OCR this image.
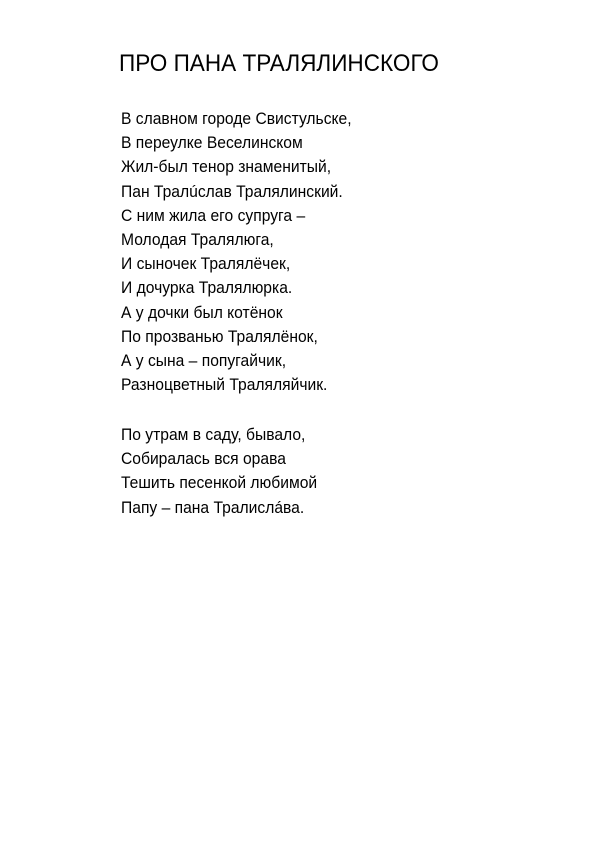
ПРО ПАНА ТРАЛЯЛИНСКОГО
В славном городе Свистульске,
В переулке Веселинском
Жил-был тенор знаменитый,
Пан Тралúслав Тралялинский.
С ним жила его супруга –
Молодая Тралялюга,
И сыночек Тралялёчек,
И дочурка Тралялюрка.
А у дочки был котёнок
По прозванью Тралялёнок,
А у сына – попугайчик,
Разноцветный Траляляйчик.
По утрам в саду, бывало,
Собиралась вся орава
Тешить песенкой любимой
Папу – пана Тралислáва.
